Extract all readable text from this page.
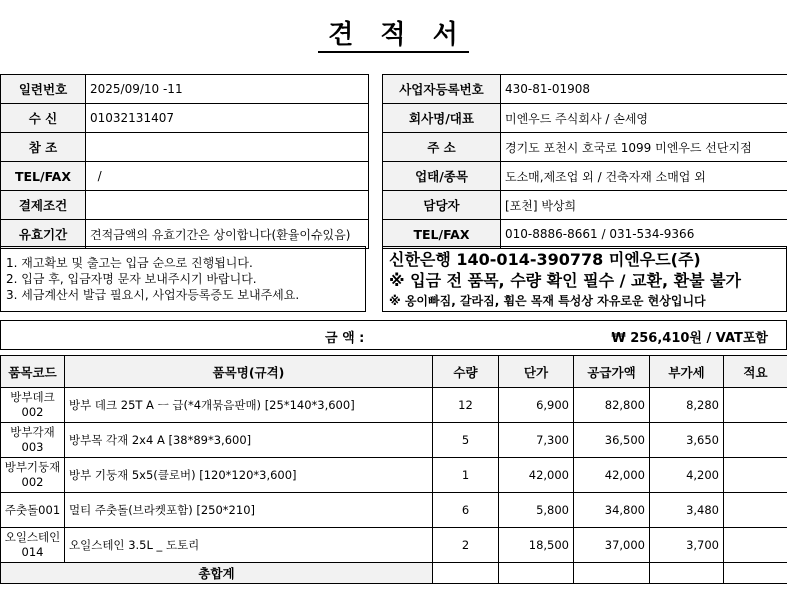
견 적 서
일련번호	2025/09/10 -11
수 신	01032131407
참 조	
TEL/FAX	/
결제조건	
유효기간	견적금액의 유효기간은 상이합니다(환율이슈있음)
사업자등록번호	430-81-01908
회사명/대표	미엔우드 주식회사 / 손세영
주 소	경기도 포천시 호국로 1099 미엔우드 선단지점
업태/종목	도소매,제조업 외 / 건축자재 소매업 외
담당자	[포천] 박상희
TEL/FAX	010-8886-8661 / 031-534-9366
1. 재고확보 및 출고는 입금 순으로 진행됩니다.
2. 입금 후, 입금자명 문자 보내주시기 바랍니다.
3. 세금계산서 발급 필요시, 사업자등록증도 보내주세요.
신한은행 140-014-390778 미엔우드(주)
※ 입금 전 품목, 수량 확인 필수 / 교환, 환불 불가
※ 옹이빠짐, 갈라짐, 휨은 목재 특성상 자유로운 현상입니다
금 액 :	₩ 256,410원 / VAT포함
품목코드	품목명(규격)	수량	단가	공급가액	부가세	적요
방부데크
002	방부 데크 25T A ㅡ 급(*4개묶음판매) [25*140*3,600]	12	6,900	82,800	8,280	
방부각재
003	방부목 각재 2x4 A [38*89*3,600]	5	7,300	36,500	3,650	
방부기둥재
002	방부 기둥재 5x5(클로버) [120*120*3,600]	1	42,000	42,000	4,200	
주춧돌001	멀티 주춧돌(브라켓포함) [250*210]	6	5,800	34,800	3,480	
오일스테인
014	오일스테인 3.5L _ 도토리	2	18,500	37,000	3,700	
총합계						
